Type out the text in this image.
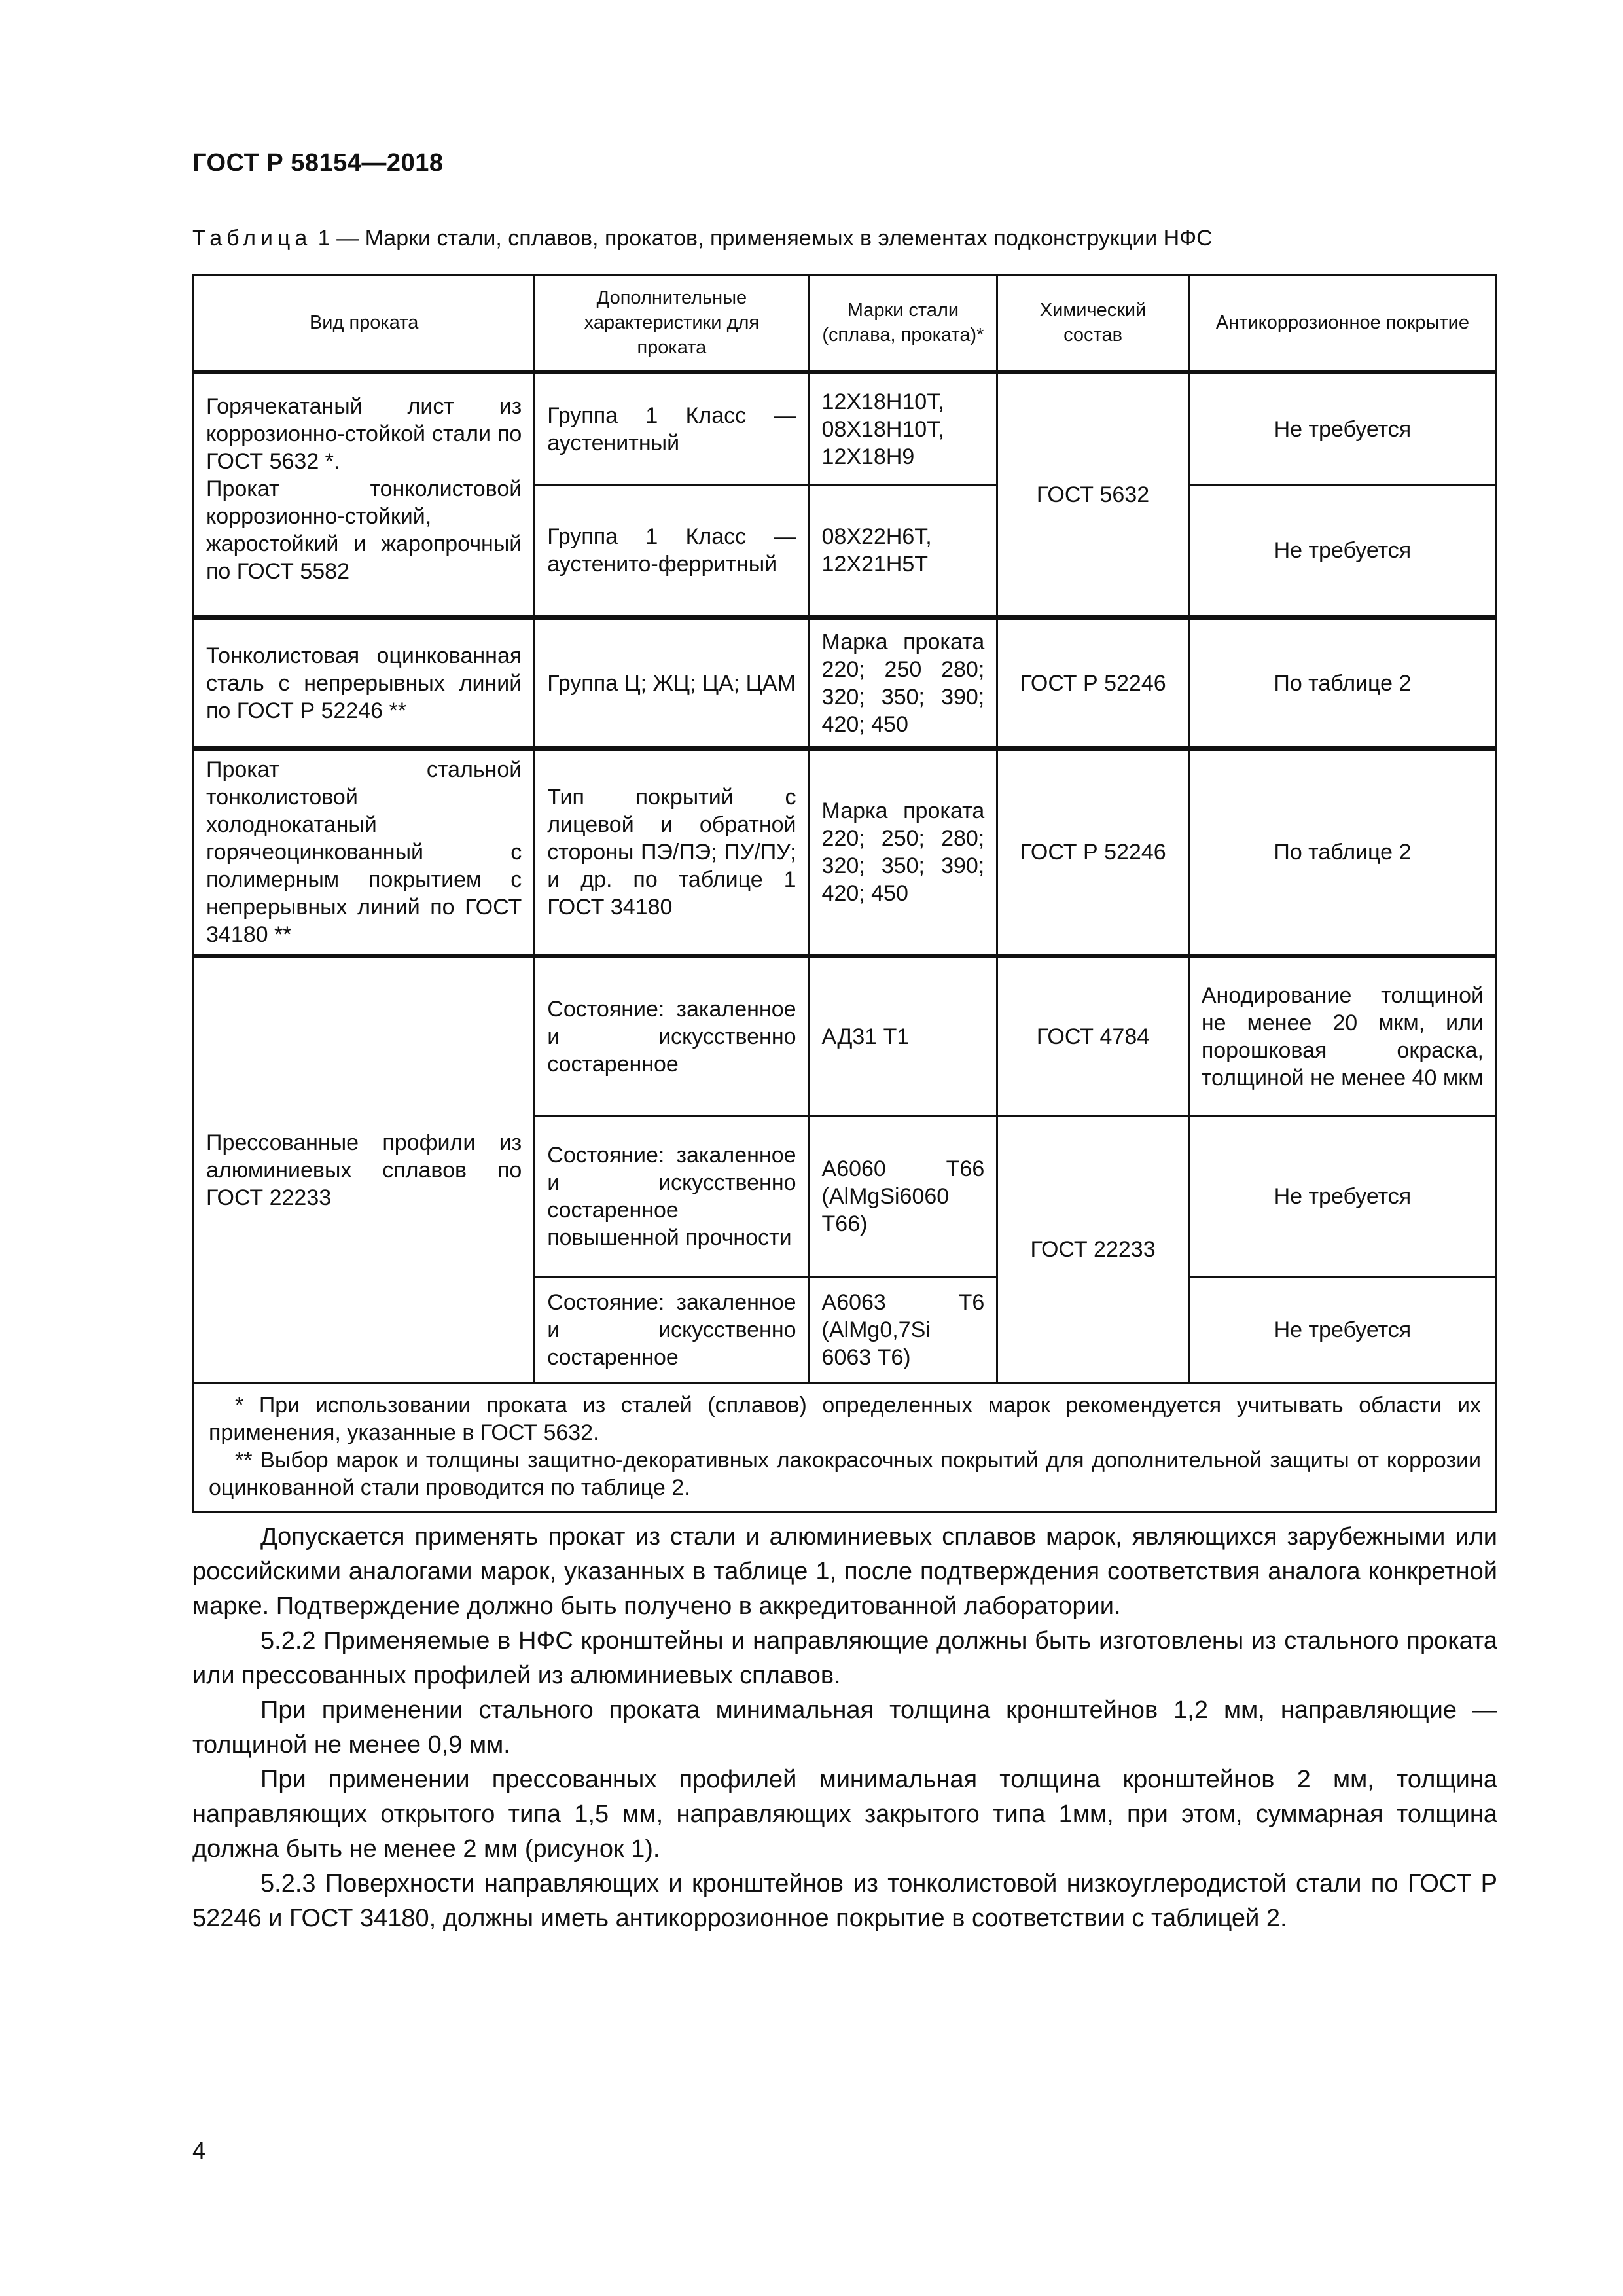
ГОСТ Р 58154—2018
Таблица 1 — Марки стали, сплавов, прокатов, применяемых в элементах подконструкции НФС
Вид проката	Дополнительные характеристики для проката	Марки стали (сплава, проката)*	Химический состав	Антикоррозионное покрытие

Горячекатаный лист из коррозионно-стойкой стали по ГОСТ 5632 *.
Прокат тонколистовой коррозионно-стойкий, жаростойкий и жаропрочный по ГОСТ 5582	Группа 1 Класс — аустенитный	12Х18Н10Т, 08Х18Н10Т, 12Х18Н9	ГОСТ 5632	Не требуется
	Группа 1 Класс — аустенито-ферритный	08Х22Н6Т, 12Х21Н5Т		Не требуется
Тонколистовая оцинкованная сталь с непрерывных линий по ГОСТ Р 52246 **	Группа Ц; ЖЦ; ЦА; ЦАМ	Марка проката 220; 250 280; 320; 350; 390; 420; 450	ГОСТ Р 52246	По таблице 2
Прокат стальной тонколистовой холоднокатаный горячеоцинкованный с полимерным покрытием с непрерывных линий по ГОСТ 34180 **	Тип покрытий с лицевой и обратной стороны ПЭ/ПЭ; ПУ/ПУ; и др. по таблице 1 ГОСТ 34180	Марка проката 220; 250; 280; 320; 350; 390; 420; 450	ГОСТ Р 52246	По таблице 2
Прессованные профили из алюминиевых сплавов по ГОСТ 22233	Состояние: закаленное и искусственно состаренное	АД31 Т1	ГОСТ 4784	Анодирование толщиной не менее 20 мкм, или порошковая окраска, толщиной не менее 40 мкм
	Состояние: закаленное и искусственно состаренное повышенной прочности	А6060 Т66 (AlMgSi6060 Т66)	ГОСТ 22233	Не требуется
	Состояние: закаленное и искусственно состаренное	А6063 Т6 (AlMg0,7Si 6063 Т6)		Не требуется

* При использовании проката из сталей (сплавов) определенных марок рекомендуется учитывать области их применения, указанные в ГОСТ 5632.

** Выбор марок и толщины защитно-декоративных лакокрасочных покрытий для дополнительной защиты от коррозии оцинкованной стали проводится по таблице 2.				

Допускается применять прокат из стали и алюминиевых сплавов марок, являющихся зарубежными или российскими аналогами марок, указанных в таблице 1, после подтверждения соответствия аналога конкретной марке. Подтверждение должно быть получено в аккредитованной лаборатории.

5.2.2 Применяемые в НФС кронштейны и направляющие должны быть изготовлены из стального проката или прессованных профилей из алюминиевых сплавов.

При применении стального проката минимальная толщина кронштейнов 1,2 мм, направляющие — толщиной не менее 0,9 мм.

При применении прессованных профилей минимальная толщина кронштейнов 2 мм, толщина направляющих открытого типа 1,5 мм, направляющих закрытого типа 1мм, при этом, суммарная толщина должна быть не менее 2 мм (рисунок 1).

5.2.3 Поверхности направляющих и кронштейнов из тонколистовой низкоуглеродистой стали по ГОСТ Р 52246 и ГОСТ 34180, должны иметь антикоррозионное покрытие в соответствии с таблицей 2.

4
